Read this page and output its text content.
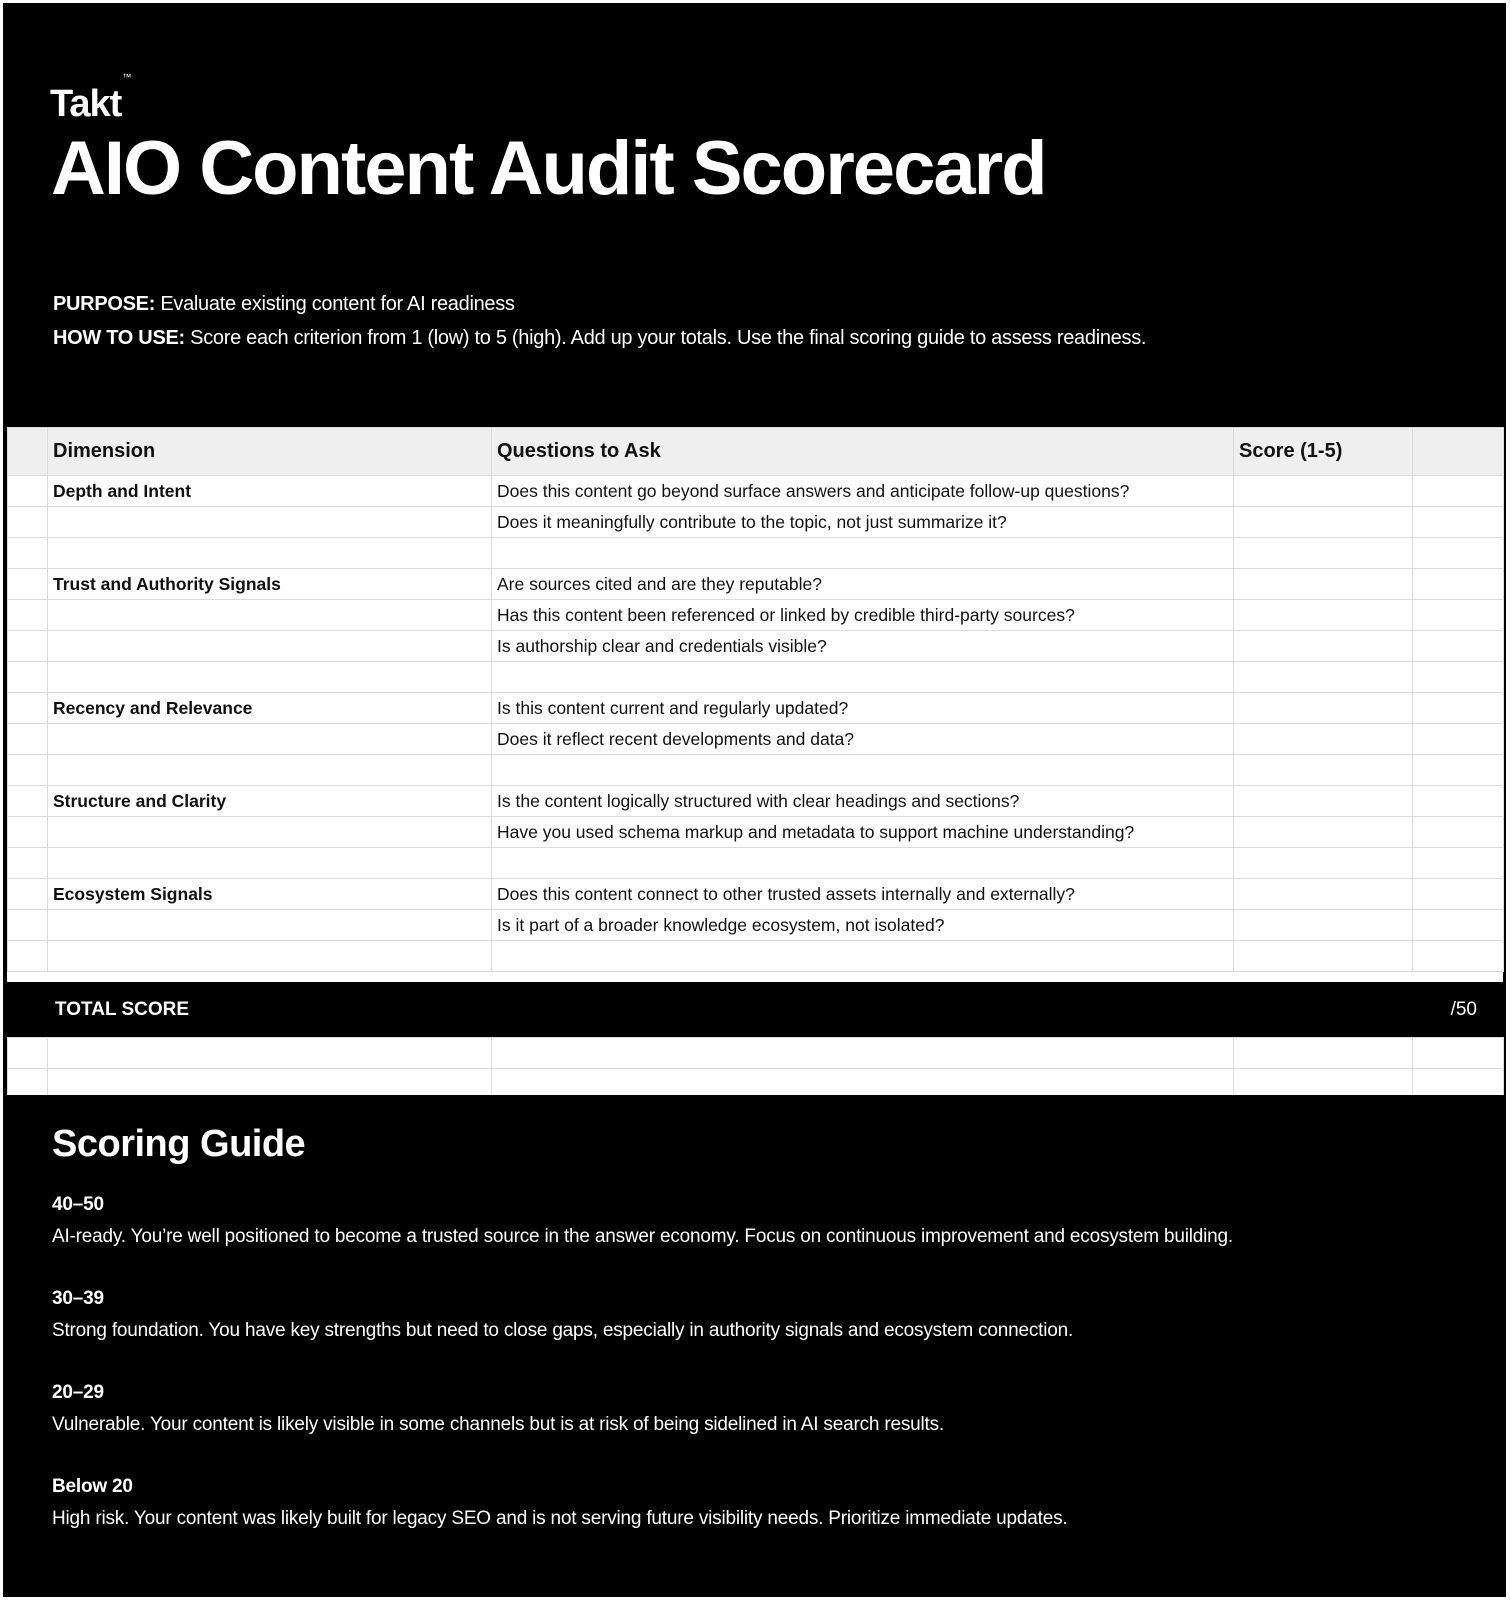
Takt™
AIO Content Audit Scorecard
PURPOSE: Evaluate existing content for AI readiness
HOW TO USE: Score each criterion from 1 (low) to 5 (high). Add up your totals. Use the final scoring guide to assess readiness.
	Dimension	Questions to Ask	Score (1-5)	
	Depth and Intent	Does this content go beyond surface answers and anticipate follow-up questions?		
		Does it meaningfully contribute to the topic, not just summarize it?		

	Trust and Authority Signals	Are sources cited and are they reputable?		
		Has this content been referenced or linked by credible third-party sources?		
		Is authorship clear and credentials visible?		

	Recency and Relevance	Is this content current and regularly updated?		
		Does it reflect recent developments and data?		

	Structure and Clarity	Is the content logically structured with clear headings and sections?		
		Have you used schema markup and metadata to support machine understanding?		

	Ecosystem Signals	Does this content connect to other trusted assets internally and externally?		
		Is it part of a broader knowledge ecosystem, not isolated?		

TOTAL SCORE	/50

Scoring Guide
40–50
AI-ready. You’re well positioned to become a trusted source in the answer economy. Focus on continuous improvement and ecosystem building.
30–39
Strong foundation. You have key strengths but need to close gaps, especially in authority signals and ecosystem connection.
20–29
Vulnerable. Your content is likely visible in some channels but is at risk of being sidelined in AI search results.
Below 20
High risk. Your content was likely built for legacy SEO and is not serving future visibility needs. Prioritize immediate updates.
